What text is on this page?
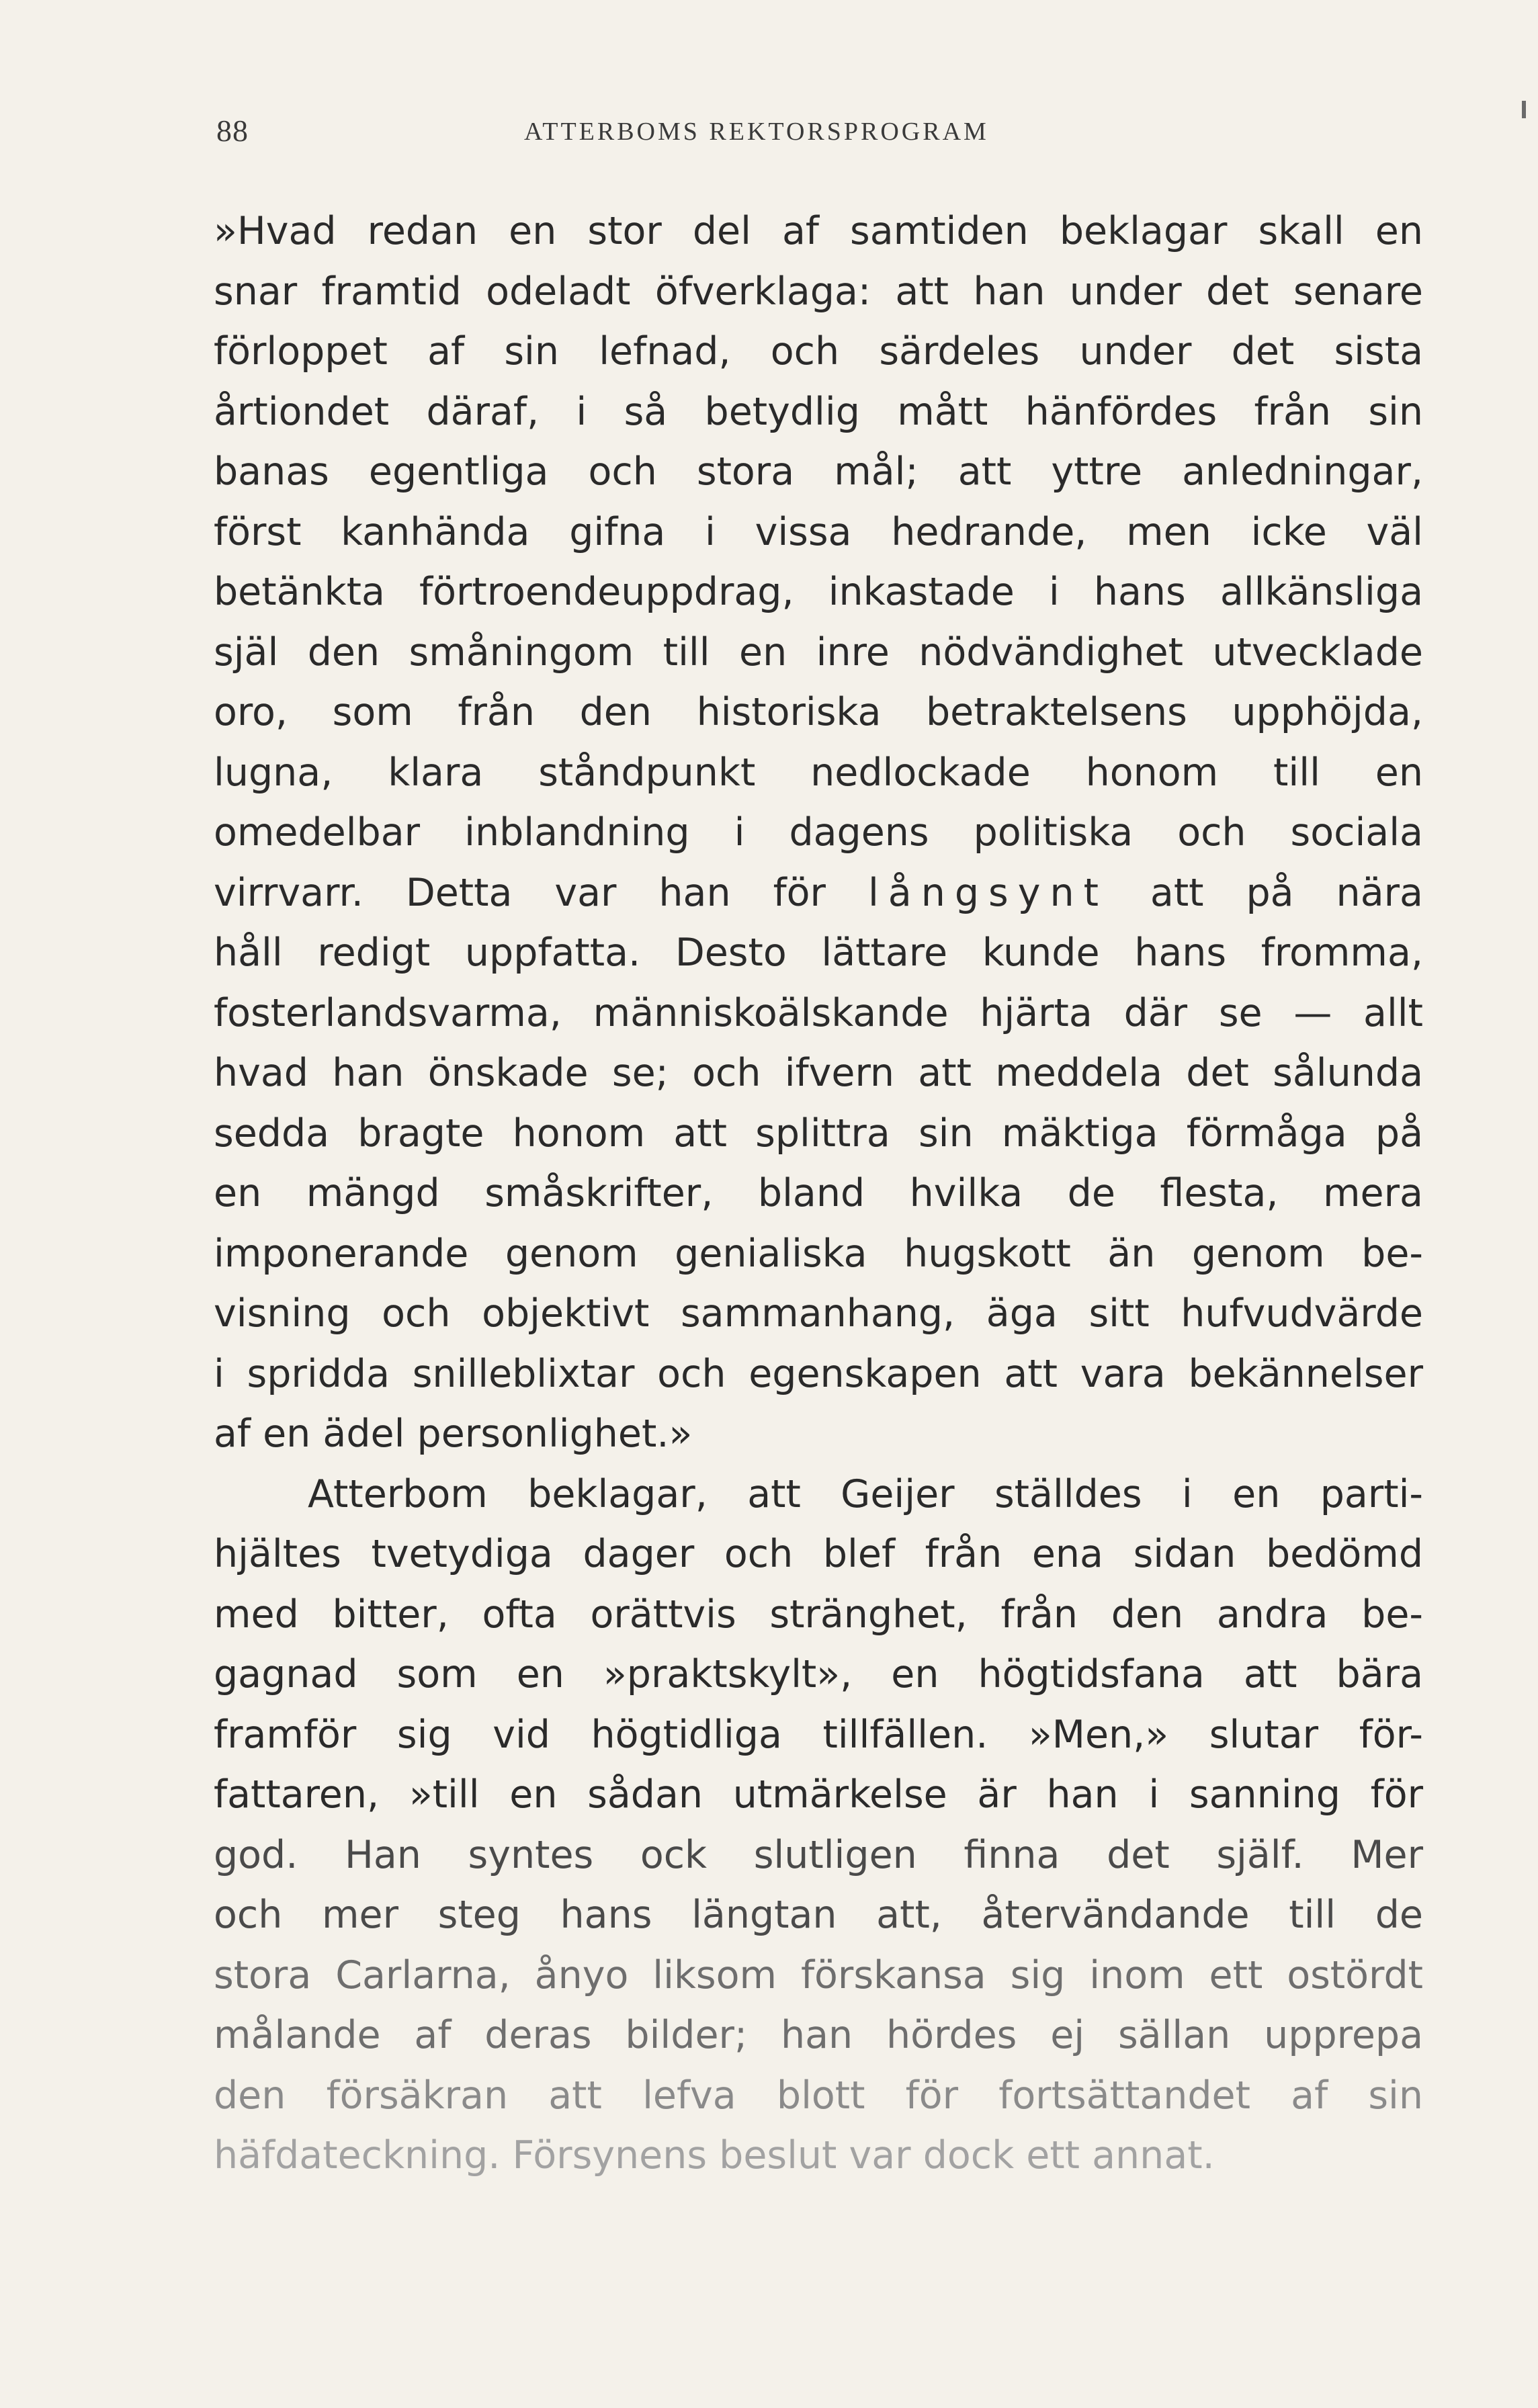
88	ATTERBOMS REKTORSPROGRAM
»Hvad redan en stor del af samtiden beklagar skall en
snar framtid odeladt öfverklaga: att han under det senare
förloppet af sin lefnad, och särdeles under det sista
årtiondet däraf, i så betydlig mått hänfördes från sin
banas egentliga och stora mål; att yttre anledningar,
först kanhända gifna i vissa hedrande, men icke väl
betänkta förtroendeuppdrag, inkastade i hans allkänsliga
själ den småningom till en inre nödvändighet utvecklade
oro, som från den historiska betraktelsens upphöjda,
lugna, klara ståndpunkt nedlockade honom till en
omedelbar inblandning i dagens politiska och sociala
virrvarr. Detta var han för långsynt att på nära
håll redigt uppfatta. Desto lättare kunde hans fromma,
fosterlandsvarma, människoälskande hjärta där se — allt
hvad han önskade se; och ifvern att meddela det sålunda
sedda bragte honom att splittra sin mäktiga förmåga på
en mängd småskrifter, bland hvilka de flesta, mera
imponerande genom genialiska hugskott än genom be-
visning och objektivt sammanhang, äga sitt hufvudvärde
i spridda snilleblixtar och egenskapen att vara bekännelser
af en ädel personlighet.»
Atterbom beklagar, att Geijer ställdes i en parti-
hjältes tvetydiga dager och blef från ena sidan bedömd
med bitter, ofta orättvis stränghet, från den andra be-
gagnad som en »praktskylt», en högtidsfana att bära
framför sig vid högtidliga tillfällen. »Men,» slutar för-
fattaren, »till en sådan utmärkelse är han i sanning för
god. Han syntes ock slutligen finna det själf. Mer
och mer steg hans längtan att, återvändande till de
stora Carlarna, ånyo liksom förskansa sig inom ett ostördt
målande af deras bilder; han hördes ej sällan upprepa
den försäkran att lefva blott för fortsättandet af sin
häfdateckning. Försynens beslut var dock ett annat.
